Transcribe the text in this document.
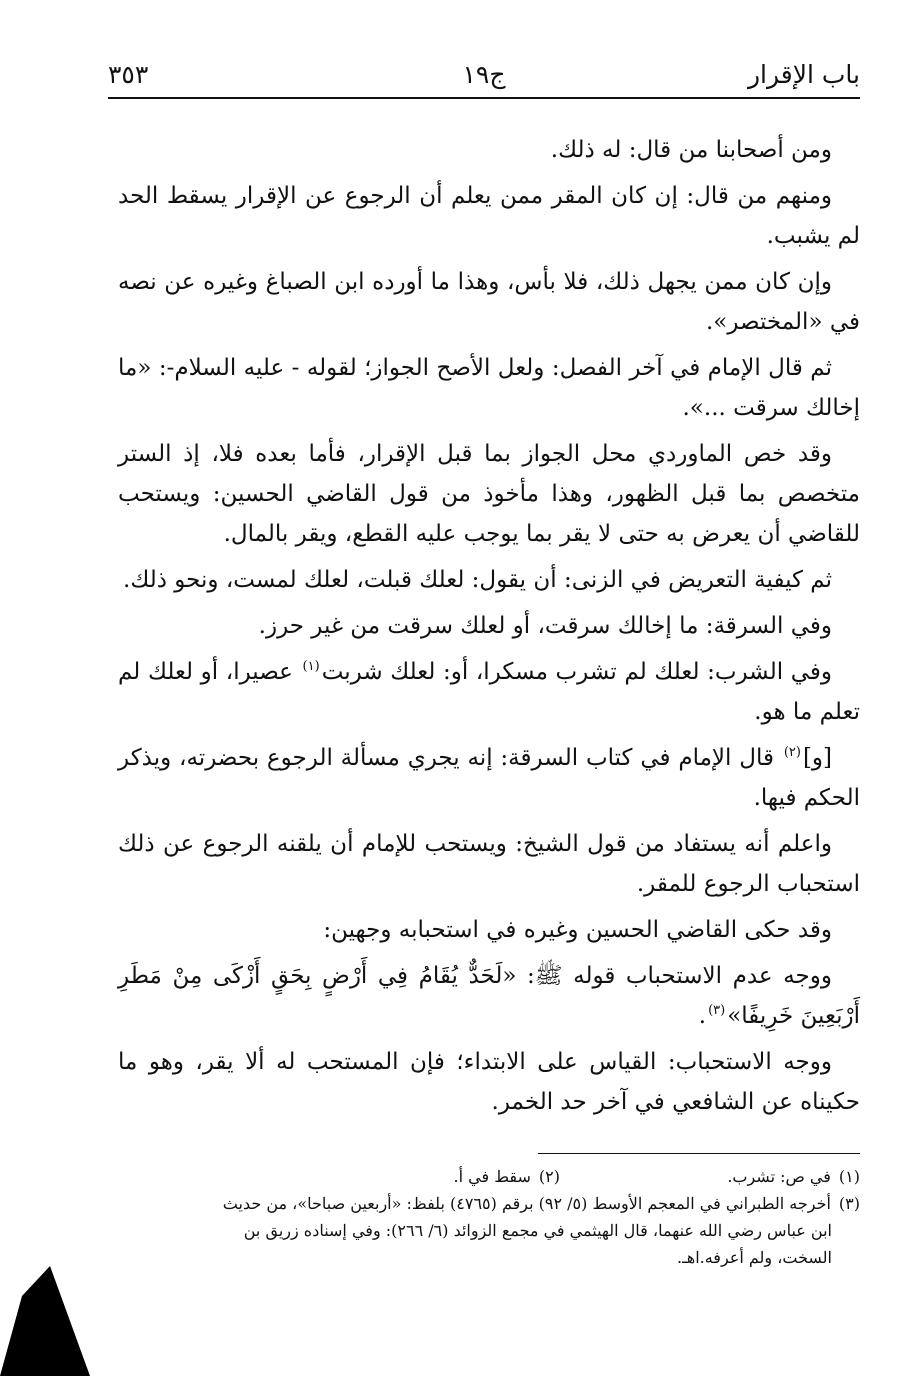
باب الإقرار
ج١٩
٣٥٣

ومن أصحابنا من قال: له ذلك.

ومنهم من قال: إن كان المقر ممن يعلم أن الرجوع عن الإقرار يسقط الحد لم يشبب.

وإن كان ممن يجهل ذلك، فلا بأس، وهذا ما أورده ابن الصباغ وغيره عن نصه في «المختصر».

ثم قال الإمام في آخر الفصل: ولعل الأصح الجواز؛ لقوله - عليه السلام-: «ما إخالك سرقت ...».

وقد خص الماوردي محل الجواز بما قبل الإقرار، فأما بعده فلا، إذ الستر متخصص بما قبل الظهور، وهذا مأخوذ من قول القاضي الحسين: ويستحب للقاضي أن يعرض به حتى لا يقر بما يوجب عليه القطع، ويقر بالمال.

ثم كيفية التعريض في الزنى: أن يقول: لعلك قبلت، لعلك لمست، ونحو ذلك.

وفي السرقة: ما إخالك سرقت، أو لعلك سرقت من غير حرز.

وفي الشرب: لعلك لم تشرب مسكرا، أو: لعلك شربت$^{(١)}$ عصيرا، أو لعلك لم تعلم ما هو.

[و]$^{(٢)}$ قال الإمام في كتاب السرقة: إنه يجري مسألة الرجوع بحضرته، ويذكر الحكم فيها.

واعلم أنه يستفاد من قول الشيخ: ويستحب للإمام أن يلقنه الرجوع عن ذلك استحباب الرجوع للمقر.

وقد حكى القاضي الحسين وغيره في استحبابه وجهين:

ووجه عدم الاستحباب قوله ﷺ: «لَحَدٌّ يُقَامُ فِي أَرْضٍ بِحَقٍ أَزْكَى مِنْ مَطَرِ أَرْبَعِينَ خَرِيفًا»$^{(٣)}$.

ووجه الاستحباب: القياس على الابتداء؛ فإن المستحب له ألا يقر، وهو ما حكيناه عن الشافعي في آخر حد الخمر.

(١)في ص: تشرب.
(٢)سقط في أ.
(٣)أخرجه الطبراني في المعجم الأوسط (٥/ ٩٢) برقم (٤٧٦٥) بلفظ: «أربعين صباحا»، من حديث
ابن عباس رضي الله عنهما، قال الهيثمي في مجمع الزوائد (٦/ ٢٦٦): وفي إسناده زريق بن
السخت، ولم أعرفه.اهـ.
